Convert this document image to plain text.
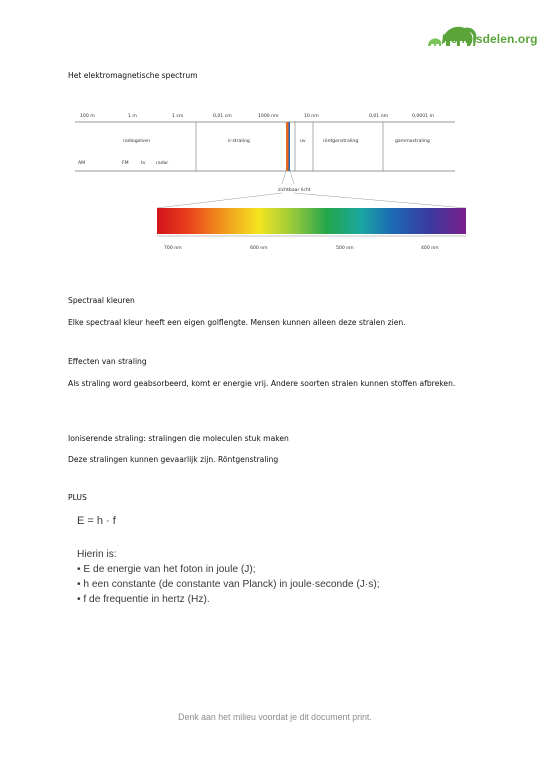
Kennisdelen.org
Het elektromagnetische spectrum
100 m	1 m	1 cm	0,01 cm	1000 nm	10 nm	0,01 nm	0,0001 m
radiogolven	ir-straling	uv	röntgenstraling	gammastraling
AM	FM	tv radar
zichtbaar licht
700 nm	600 nm	500 nm	400 nm
Spectraal kleuren
Elke spectraal kleur heeft een eigen golflengte. Mensen kunnen alleen deze stralen zien.
Effecten van straling
Als straling word geabsorbeerd, komt er energie vrij. Andere soorten stralen kunnen stoffen afbreken.
Ioniserende straling: stralingen die moleculen stuk maken
Deze stralingen kunnen gevaarlijk zijn. Röntgenstraling
PLUS
E = h · f
Hierin is:
• E de energie van het foton in joule (J);
• h een constante (de constante van Planck) in joule·seconde (J·s);
• f de frequentie in hertz (Hz).
Denk aan het milieu voordat je dit document print.
